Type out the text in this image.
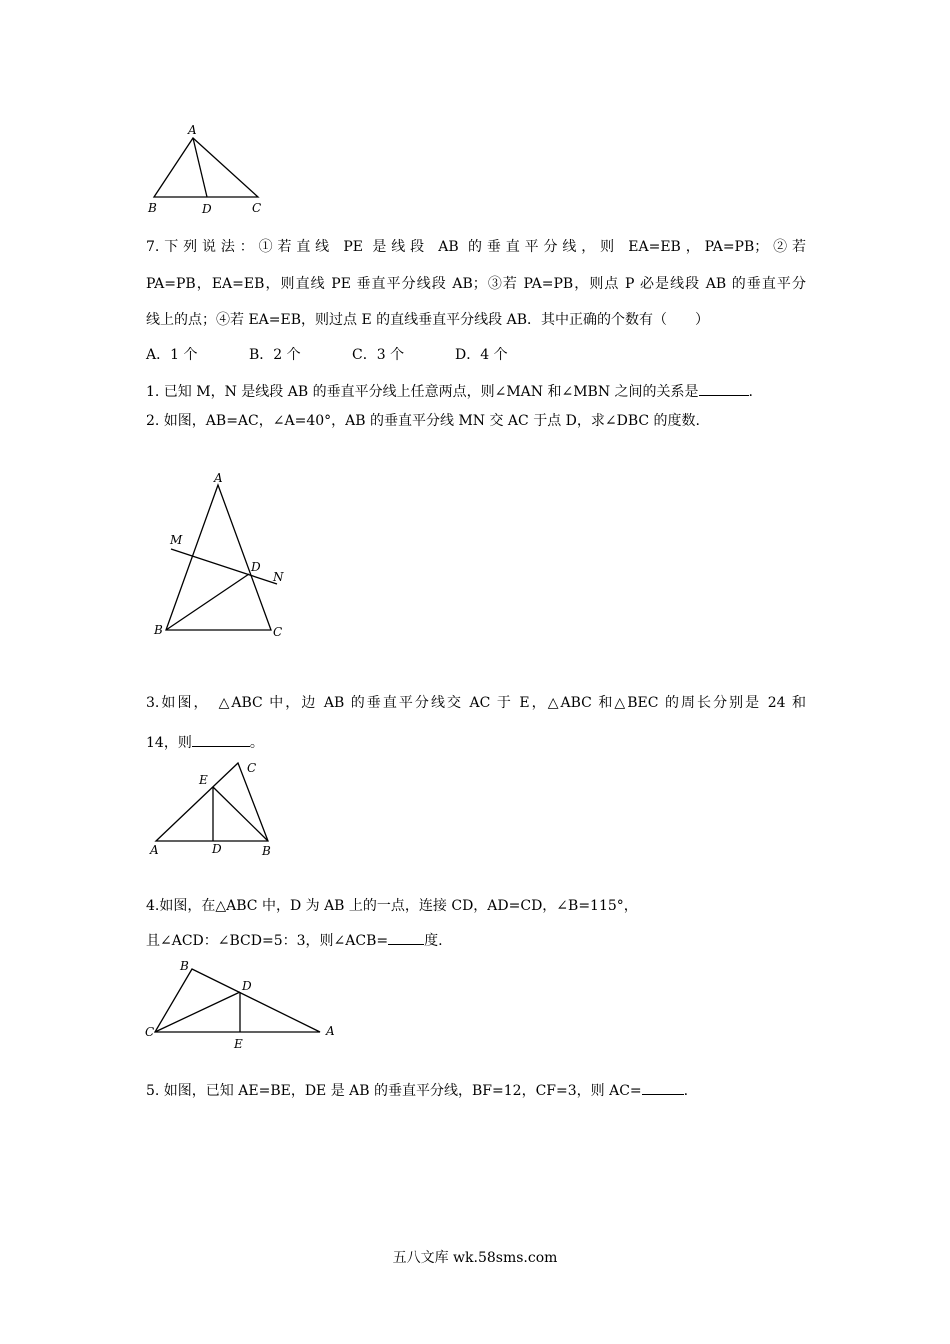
A
B	D	C
7.下列说法：①若直线 PE 是线段 AB 的垂直平分线，则 EA=EB，PA=PB；②若
PA=PB，EA=EB，则直线 PE 垂直平分线段 AB；③若 PA=PB，则点 P 必是线段 AB 的垂直平分
线上的点；④若 EA=EB，则过点 E 的直线垂直平分线段 AB．其中正确的个数有（　　）
A．1 个	B．2 个	C．3 个	D．4 个
1. 已知 M，N 是线段 AB 的垂直平分线上任意两点，则∠MAN 和∠MBN 之间的关系是	.
2. 如图，AB=AC，∠A=40°，AB 的垂直平分线 MN 交 AC 于点 D，求∠DBC 的度数.
A
M
D
N
B	C
3.如图，　△ABC 中，边 AB 的垂直平分线交 AC 于 E，△ABC 和△BEC 的周长分别是 24 和
14，则	。
E
C
A	D	B
4.如图，在△ABC 中，D 为 AB 上的一点，连接 CD，AD=CD，∠B=115°，
且∠ACD：∠BCD=5：3，则∠ACB=	度.
B
D
C
E
A
5. 如图，已知 AE=BE，DE 是 AB 的垂直平分线，BF=12，CF=3，则 AC=	.
五八文库 wk.58sms.com
